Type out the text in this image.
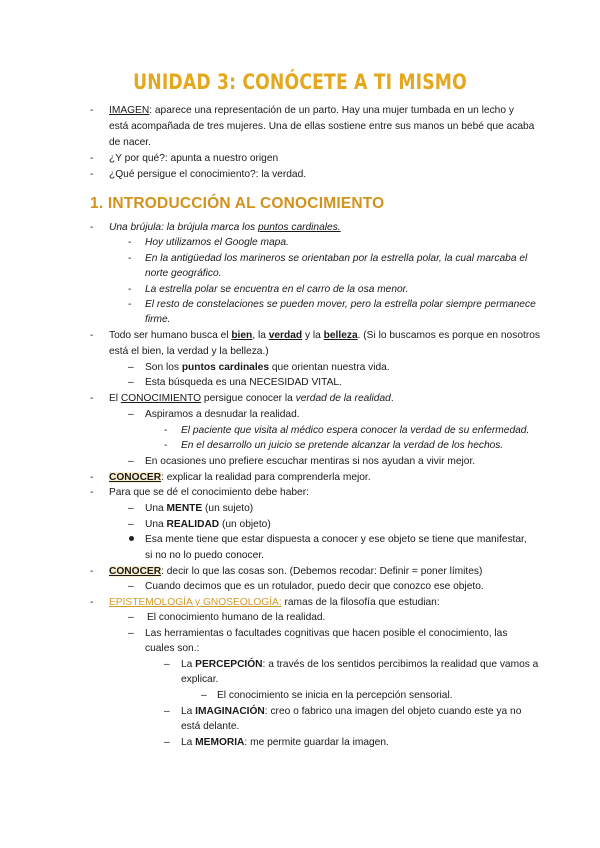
UNIDAD 3: CONÓCETE A TI MISMO
- IMAGEN: aparece una representación de un parto. Hay una mujer tumbada en un lecho y
está acompañada de tres mujeres. Una de ellas sostiene entre sus manos un bebé que acaba
de nacer.
- ¿Y por qué?: apunta a nuestro origen
- ¿Qué persigue el conocimiento?: la verdad.
1. INTRODUCCIÓN AL CONOCIMIENTO
- Una brújula: la brújula marca los puntos cardinales.
- Hoy utilizamos el Google mapa.
- En la antigüedad los marineros se orientaban por la estrella polar, la cual marcaba el
norte geográfico.
- La estrella polar se encuentra en el carro de la osa menor.
- El resto de constelaciones se pueden mover, pero la estrella polar siempre permanece
firme.
- Todo ser humano busca el bien, la verdad y la belleza. (Si lo buscamos es porque en nosotros
está el bien, la verdad y la belleza.)
– Son los puntos cardinales que orientan nuestra vida.
– Esta búsqueda es una NECESIDAD VITAL.
- El CONOCIMIENTO persigue conocer la verdad de la realidad.
– Aspiramos a desnudar la realidad.
- El paciente que visita al médico espera conocer la verdad de su enfermedad.
- En el desarrollo un juicio se pretende alcanzar la verdad de los hechos.
– En ocasiones uno prefiere escuchar mentiras si nos ayudan a vivir mejor.
- CONOCER: explicar la realidad para comprenderla mejor.
- Para que se dé el conocimiento debe haber:
– Una MENTE (un sujeto)
– Una REALIDAD (un objeto)
Esa mente tiene que estar dispuesta a conocer y ese objeto se tiene que manifestar,
si no no lo puedo conocer.
- CONOCER: decir lo que las cosas son. (Debemos recodar: Definir = poner límites)
– Cuando decimos que es un rotulador, puedo decir que conozco ese objeto.
- EPISTEMOLOGÍA y GNOSEOLOGÍA: ramas de la filosofía que estudian:
– El conocimiento humano de la realidad.
– Las herramientas o facultades cognitivas que hacen posible el conocimiento, las
cuales son.:
– La PERCEPCIÓN: a través de los sentidos percibimos la realidad que vamos a
explicar.
– El conocimiento se inicia en la percepción sensorial.
– La IMAGINACIÓN: creo o fabrico una imagen del objeto cuando este ya no
está delante.
– La MEMORIA: me permite guardar la imagen.
